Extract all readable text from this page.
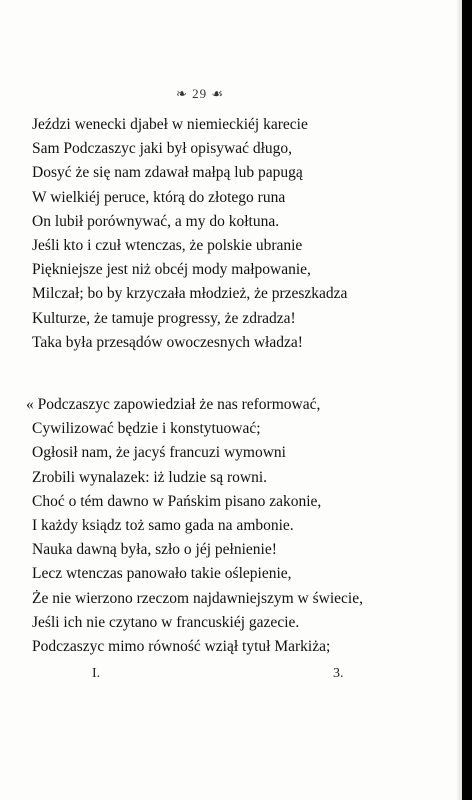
❧ 29 ☙
Jeździ wenecki djabeł w niemieckiéj karecie
Sam Podczaszyc jaki był opisywać długo,
Dosyć że się nam zdawał małpą lub papugą
W wielkiéj peruce, którą do złotego runa
On lubił porównywać, a my do kołtuna.
Jeśli kto i czuł wtenczas, że polskie ubranie
Piękniejsze jest niż obcéj mody małpowanie,
Milczał; bo by krzyczała młodzież, że przeszkadza
Kulturze, że tamuje progressy, że zdradza!
Taka była przesądów owoczesnych władza!
« Podczaszyc zapowiedział że nas reformować,
Cywilizować będzie i konstytuować;
Ogłosił nam, że jacyś francuzi wymowni
Zrobili wynalazek: iż ludzie są rowni.
Choć o tém dawno w Pańskim pisano zakonie,
I każdy ksiądz toż samo gada na ambonie.
Nauka dawną była, szło o jéj pełnienie!
Lecz wtenczas panowało takie oślepienie,
Że nie wierzono rzeczom najdawniejszym w świecie,
Jeśli ich nie czytano w francuskiéj gazecie.
Podczaszyc mimo równość wziął tytuł Markiża;
I.	3.
